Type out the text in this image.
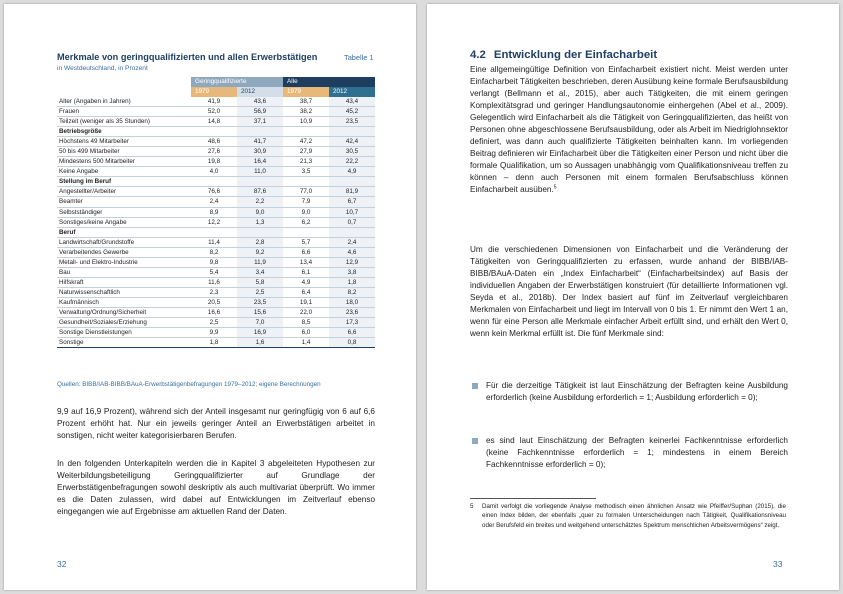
Merkmale von geringqualifizierten und allen Erwerbstätigen	Tabelle 1
in Westdeutschland, in Prozent
	Geringqualifizierte		Alle	
	1979	2012	1979	2012
Alter (Angaben in Jahren)	41,9	43,6	38,7	43,4
Frauen	52,0	56,9	38,2	45,2
Teilzeit (weniger als 35 Stunden)	14,8	37,1	10,9	23,5
Betriebsgröße				
Höchstens 49 Mitarbeiter	48,6	41,7	47,2	42,4
50 bis 499 Mitarbeiter	27,6	30,9	27,9	30,5
Mindestens 500 Mitarbeiter	19,8	16,4	21,3	22,2
Keine Angabe	4,0	11,0	3,5	4,9
Stellung im Beruf				
Angestellter/Arbeiter	76,6	87,6	77,0	81,9
Beamter	2,4	2,2	7,9	6,7
Selbstständiger	8,9	9,0	9,0	10,7
Sonstiges/keine Angabe	12,2	1,3	6,2	0,7
Beruf				
Landwirtschaft/Grundstoffe	11,4	2,8	5,7	2,4
Verarbeitendes Gewerbe	8,2	9,2	6,6	4,6
Metall- und Elektro-Industrie	9,8	11,9	13,4	12,9
Bau	5,4	3,4	6,1	3,8
Hilfskraft	11,6	5,8	4,9	1,8
Naturwissenschaftlich	2,3	2,5	6,4	8,2
Kaufmännisch	20,5	23,5	19,1	18,0
Verwaltung/Ordnung/Sicherheit	16,6	15,6	22,0	23,6
Gesundheit/Soziales/Erziehung	2,5	7,0	8,5	17,3
Sonstige Dienstleistungen	9,9	16,9	6,0	6,6
Sonstige	1,8	1,6	1,4	0,8
Quellen: BIBB/IAB-BIBB/BAuA-Erwerbstätigenbefragungen 1979–2012; eigene Berechnungen

9,9 auf 16,9 Prozent), während sich der Anteil insgesamt nur geringfügig von 6 auf 6,6 Prozent erhöht hat. Nur ein jeweils geringer Anteil an Erwerbstätigen arbeitet in sonstigen, nicht weiter kategorisierbaren Berufen.

In den folgenden Unterkapiteln werden die in Kapitel 3 abgeleiteten Hypothesen zur Weiterbildungsbeteiligung Geringqualifizierter auf Grundlage der Erwerbstätigenbefragungen sowohl deskriptiv als auch multivariat überprüft. Wo immer es die Daten zulassen, wird dabei auf Entwicklungen im Zeitverlauf ebenso eingegangen wie auf Ergebnisse am aktuellen Rand der Daten.

32
4.2 Entwicklung der Einfacharbeit

Eine allgemeingültige Definition von Einfacharbeit existiert nicht. Meist werden unter Einfacharbeit Tätigkeiten beschrieben, deren Ausübung keine formale Berufsausbildung verlangt (Bellmann et al., 2015), aber auch Tätigkeiten, die mit einem geringen Komplexitätsgrad und geringer Handlungsautonomie einhergehen (Abel et al., 2009). Gelegentlich wird Einfacharbeit als die Tätigkeit von Geringqualifizierten, das heißt von Personen ohne abgeschlossene Berufsausbildung, oder als Arbeit im Niedriglohnsektor definiert, was dann auch qualifizierte Tätigkeiten beinhalten kann. Im vorliegenden Beitrag definieren wir Einfacharbeit über die Tätigkeiten einer Person und nicht über die formale Qualifikation, um so Aussagen unabhängig vom Qualifikationsniveau treffen zu können – denn auch Personen mit einem formalen Berufsabschluss können Einfacharbeit ausüben.$^5$

Um die verschiedenen Dimensionen von Einfacharbeit und die Veränderung der Tätigkeiten von Geringqualifizierten zu erfassen, wurde anhand der BIBB/IAB-BIBB/BAuA-Daten ein „Index Einfacharbeit“ (Einfacharbeitsindex) auf Basis der individuellen Angaben der Erwerbstätigen konstruiert (für detaillierte Informationen vgl. Seyda et al., 2018b). Der Index basiert auf fünf im Zeitverlauf vergleichbaren Merkmalen von Einfacharbeit und liegt im Intervall von 0 bis 1. Er nimmt den Wert 1 an, wenn für eine Person alle Merkmale einfacher Arbeit erfüllt sind, und erhält den Wert 0, wenn kein Merkmal erfüllt ist. Die fünf Merkmale sind:

Für die derzeitige Tätigkeit ist laut Einschätzung der Befragten keine Ausbildung erforderlich (keine Ausbildung erforderlich = 1; Ausbildung erforderlich = 0);
es sind laut Einschätzung der Befragten keinerlei Fachkenntnisse erforderlich (keine Fachkenntnisse erforderlich = 1; mindestens in einem Bereich Fachkenntnisse erforderlich = 0);
5 Damit verfolgt die vorliegende Analyse methodisch einen ähnlichen Ansatz wie Pfeiffer/Suphan (2015), die einen Index bilden, der ebenfalls „quer zu formalen Unterscheidungen nach Tätigkeit, Qualifikationsniveau oder Berufsfeld ein breites und weitgehend unterschätztes Spektrum menschlichen Arbeitsvermögens“ zeigt.
33
